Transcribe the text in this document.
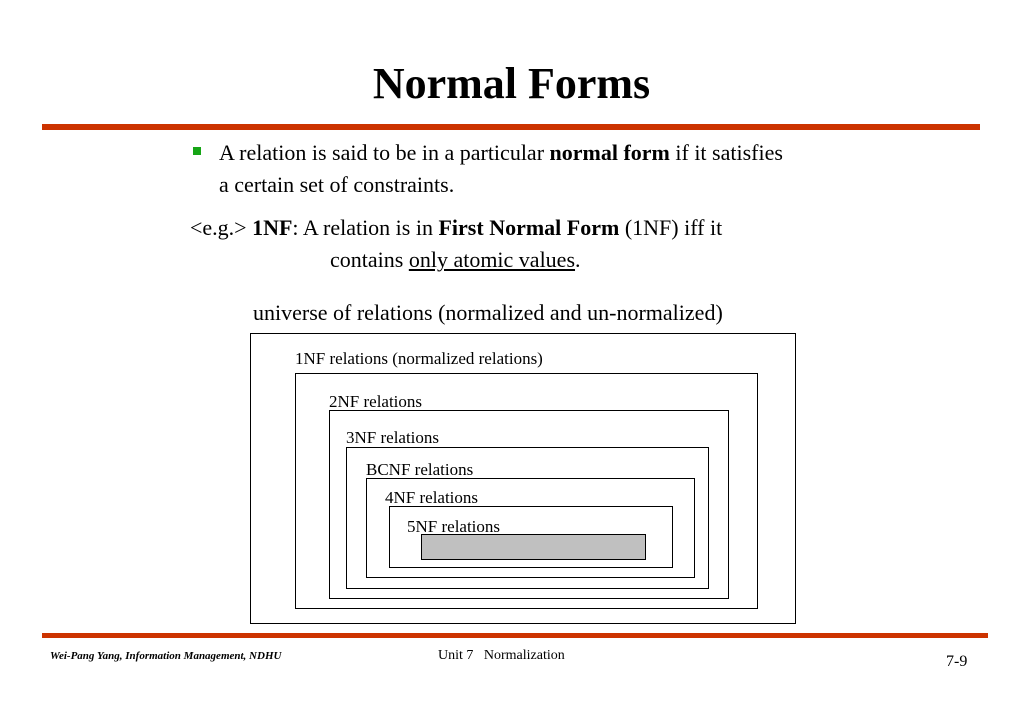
Normal Forms
A relation is said to be in a particular normal form if it satisfies
a certain set of constraints.
<e.g.> 1NF: A relation is in First Normal Form (1NF) iff it
contains only atomic values.
universe of relations (normalized and un-normalized)
1NF relations (normalized relations)
2NF relations
3NF relations
BCNF relations
4NF relations
5NF relations
Wei-Pang Yang, Information Management, NDHU	Unit 7   Normalization	7-9
